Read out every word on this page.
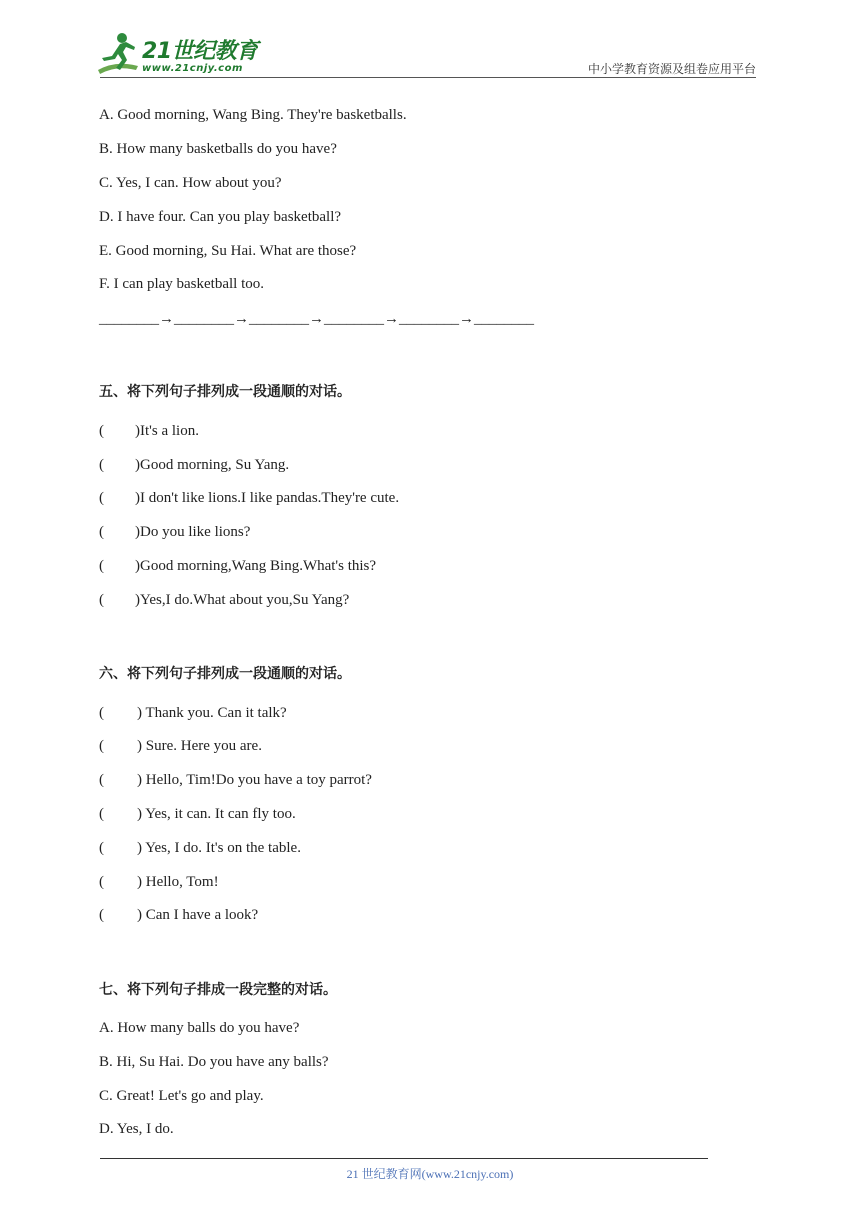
21世纪教育
www.21cnjy.com	中小学教育资源及组卷应用平台
A. Good morning, Wang Bing. They're basketballs.
B. How many basketballs do you have?
C. Yes, I can. How about you?
D. I have four. Can you play basketball?
E. Good morning, Su Hai. What are those?
F. I can play basketball too.
________→________→________→________→________→________
五、将下列句子排列成一段通顺的对话。
( )It's a lion.
( )Good morning, Su Yang.
( )I don't like lions.I like pandas.They're cute.
( )Do you like lions?
( )Good morning,Wang Bing.What's this?
( )Yes,I do.What about you,Su Yang?
六、将下列句子排列成一段通顺的对话。
( ) Thank you. Can it talk?
( ) Sure. Here you are.
( ) Hello, Tim!Do you have a toy parrot?
( ) Yes, it can. It can fly too.
( ) Yes, I do. It's on the table.
( ) Hello, Tom!
( ) Can I have a look?
七、将下列句子排成一段完整的对话。
A. How many balls do you have?
B. Hi, Su Hai. Do you have any balls?
C. Great! Let's go and play.
D. Yes, I do.
21 世纪教育网(www.21cnjy.com)
